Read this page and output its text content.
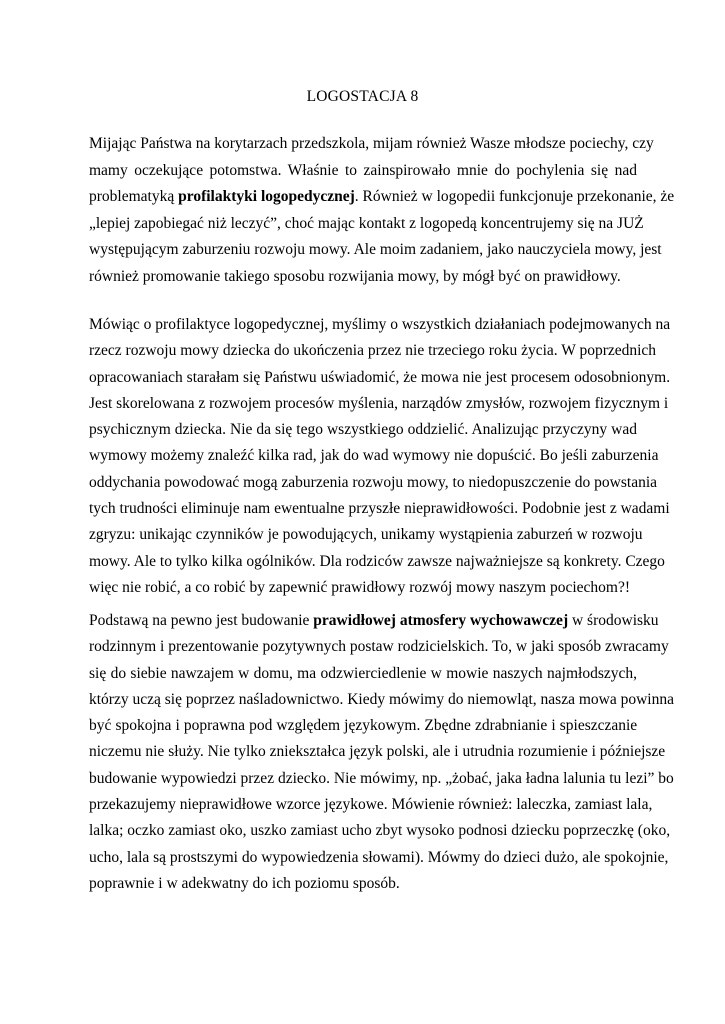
LOGOSTACJA 8
Mijając Państwa na korytarzach przedszkola, mijam również Wasze młodsze pociechy, czy
mamy oczekujące potomstwa. Właśnie to zainspirowało mnie do pochylenia się nad
problematyką profilaktyki logopedycznej. Również w logopedii funkcjonuje przekonanie, że
„lepiej zapobiegać niż leczyć”, choć mając kontakt z logopedą koncentrujemy się na JUŻ
występującym zaburzeniu rozwoju mowy. Ale moim zadaniem, jako nauczyciela mowy, jest
również promowanie takiego sposobu rozwijania mowy, by mógł być on prawidłowy.
Mówiąc o profilaktyce logopedycznej, myślimy o wszystkich działaniach podejmowanych na
rzecz rozwoju mowy dziecka do ukończenia przez nie trzeciego roku życia. W poprzednich
opracowaniach starałam się Państwu uświadomić, że mowa nie jest procesem odosobnionym.
Jest skorelowana z rozwojem procesów myślenia, narządów zmysłów, rozwojem fizycznym i
psychicznym dziecka. Nie da się tego wszystkiego oddzielić. Analizując przyczyny wad
wymowy możemy znaleźć kilka rad, jak do wad wymowy nie dopuścić. Bo jeśli zaburzenia
oddychania powodować mogą zaburzenia rozwoju mowy, to niedopuszczenie do powstania
tych trudności eliminuje nam ewentualne przyszłe nieprawidłowości. Podobnie jest z wadami
zgryzu: unikając czynników je powodujących, unikamy wystąpienia zaburzeń w rozwoju
mowy. Ale to tylko kilka ogólników. Dla rodziców zawsze najważniejsze są konkrety. Czego
więc nie robić, a co robić by zapewnić prawidłowy rozwój mowy naszym pociechom?!
Podstawą na pewno jest budowanie prawidłowej atmosfery wychowawczej w środowisku
rodzinnym i prezentowanie pozytywnych postaw rodzicielskich. To, w jaki sposób zwracamy
się do siebie nawzajem w domu, ma odzwierciedlenie w mowie naszych najmłodszych,
którzy uczą się poprzez naśladownictwo. Kiedy mówimy do niemowląt, nasza mowa powinna
być spokojna i poprawna pod względem językowym. Zbędne zdrabnianie i spieszczanie
niczemu nie służy. Nie tylko zniekształca język polski, ale i utrudnia rozumienie i późniejsze
budowanie wypowiedzi przez dziecko. Nie mówimy, np. „żobać, jaka ładna lalunia tu lezi” bo
przekazujemy nieprawidłowe wzorce językowe. Mówienie również: laleczka, zamiast lala,
lalka; oczko zamiast oko, uszko zamiast ucho zbyt wysoko podnosi dziecku poprzeczkę (oko,
ucho, lala są prostszymi do wypowiedzenia słowami). Mówmy do dzieci dużo, ale spokojnie,
poprawnie i w adekwatny do ich poziomu sposób.
